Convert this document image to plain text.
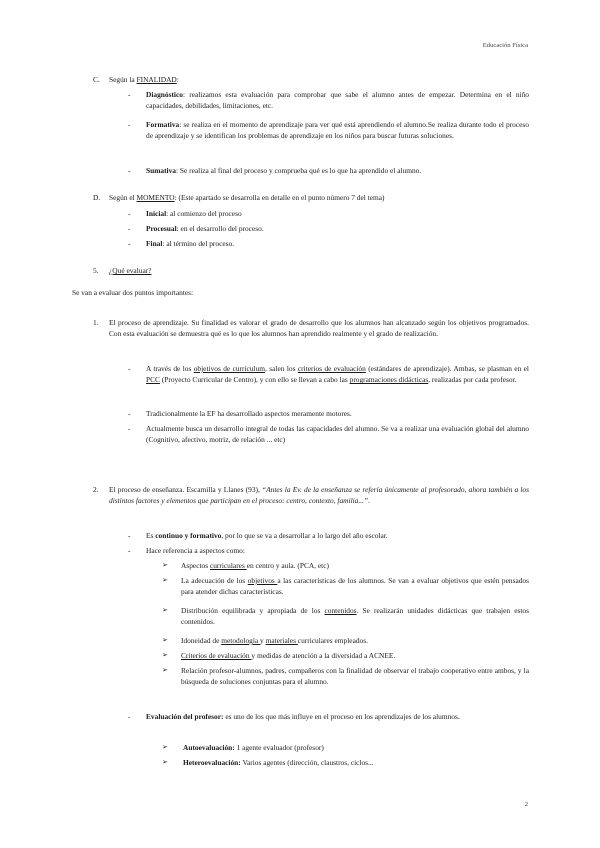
Educación Física
C. Según la FINALIDAD:
- Diagnóstico: realizamos esta evaluación para comprobar que sabe el alumno antes de empezar. Determina en el niño capacidades, debilidades, limitaciones, etc.
- Formativa: se realiza en el momento de aprendizaje para ver qué está aprendiendo el alumno.Se realiza durante todo el proceso de aprendizaje y se identifican los problemas de aprendizaje en los niños para buscar futuras soluciones.
- Sumativa: Se realiza al final del proceso y comprueba qué es lo que ha aprendido el alumno.
D. Según el MOMENTO: (Este apartado se desarrolla en detalle en el punto número 7 del tema)
- Inicial: al comienzo del proceso
- Procesual: en el desarrollo del proceso.
- Final: al término del proceso.
5. ¿Qué evaluar?
Se van a evaluar dos puntos importantes:
1. El proceso de aprendizaje. Su finalidad es valorar el grado de desarrollo que los alumnos han alcanzado según los objetivos programados. Con esta evaluación se demuestra qué es lo que los alumnos han aprendido realmente y el grado de realización.
- A través de los objetivos de currículum, salen los criterios de evaluación (estándares de aprendizaje). Ambas, se plasman en el PCC (Proyecto Curricular de Centro), y con ello se llevan a cabo las programaciones didácticas, realizadas por cada profesor.
- Tradicionalmente la EF ha desarrollado aspectos meramente motores.
- Actualmente busca un desarrollo integral de todas las capacidades del alumno. Se va a realizar una evaluación global del alumno (Cognitivo, afectivo, motriz, de relación ... etc)
2. El proceso de enseñanza. Escamilla y Llanes (93), “Antes la Ev. de la enseñanza se refería únicamente al profesorado, ahora también a los distintos factores y elementos que participan en el proceso: centro, contexto, familia...”.
- Es continuo y formativo, por lo que se va a desarrollar a lo largo del año escolar.
- Hace referencia a aspectos como:
➢ Aspectos curriculares en centro y aula. (PCA, etc)
➢ La adecuación de los objetivos a las características de los alumnos. Se van a evaluar objetivos que estén pensados para atender dichas características.
➢ Distribución equilibrada y apropiada de los contenidos. Se realizarán unidades didácticas que trabajen estos contenidos.
➢ Idoneidad de metodología y materiales curriculares empleados.
➢ Criterios de evaluación y medidas de atención a la diversidad a ACNEE.
➢ Relación profesor-alumnos, padres, compañeros con la finalidad de observar el trabajo cooperativo entre ambos, y la búsqueda de soluciones conjuntas para el alumno.
- Evaluación del profesor: es uno de los que más influye en el proceso en los aprendizajes de los alumnos.
➢ Autoevaluación: 1 agente evaluador (profesor)
➢ Heteroevaluación: Varios agentes (dirección, claustros, ciclos...
2
